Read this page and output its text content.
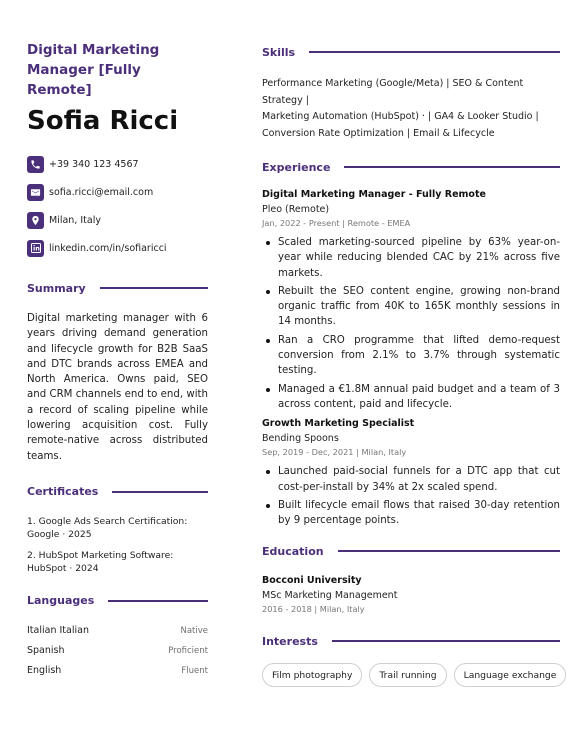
Digital Marketing Manager [Fully Remote]
Sofia Ricci
+39 340 123 4567
sofia.ricci@email.com
Milan, Italy
linkedin.com/in/sofiaricci
Summary
Digital marketing manager with 6 years driving demand generation and lifecycle growth for B2B SaaS and DTC brands across EMEA and North America. Owns paid, SEO and CRM channels end to end, with a record of scaling pipeline while lowering acquisition cost. Fully remote-native across distributed teams.
Certificates
1. Google Ads Search Certification:
Google · 2025
2. HubSpot Marketing Software:
HubSpot · 2024
Languages
Italian Italian	Native
Spanish	Proficient
English	Fluent
Skills
Performance Marketing (Google/Meta) | SEO & Content Strategy |
Marketing Automation (HubSpot) · | GA4 & Looker Studio |
Conversion Rate Optimization | Email & Lifecycle
Experience
Digital Marketing Manager - Fully Remote
Pleo (Remote)
Jan, 2022 - Present | Remote - EMEA
Scaled marketing-sourced pipeline by 63% year-on-year while reducing blended CAC by 21% across five markets.
Rebuilt the SEO content engine, growing non-brand organic traffic from 40K to 165K monthly sessions in 14 months.
Ran a CRO programme that lifted demo-request conversion from 2.1% to 3.7% through systematic testing.
Managed a €1.8M annual paid budget and a team of 3 across content, paid and lifecycle.
Growth Marketing Specialist
Bending Spoons
Sep, 2019 - Dec, 2021 | Milan, Italy
Launched paid-social funnels for a DTC app that cut cost-per-install by 34% at 2x scaled spend.
Built lifecycle email flows that raised 30-day retention by 9 percentage points.
Education
Bocconi University
MSc Marketing Management
2016 - 2018 | Milan, Italy
Interests
Film photography	Trail running	Language exchange
